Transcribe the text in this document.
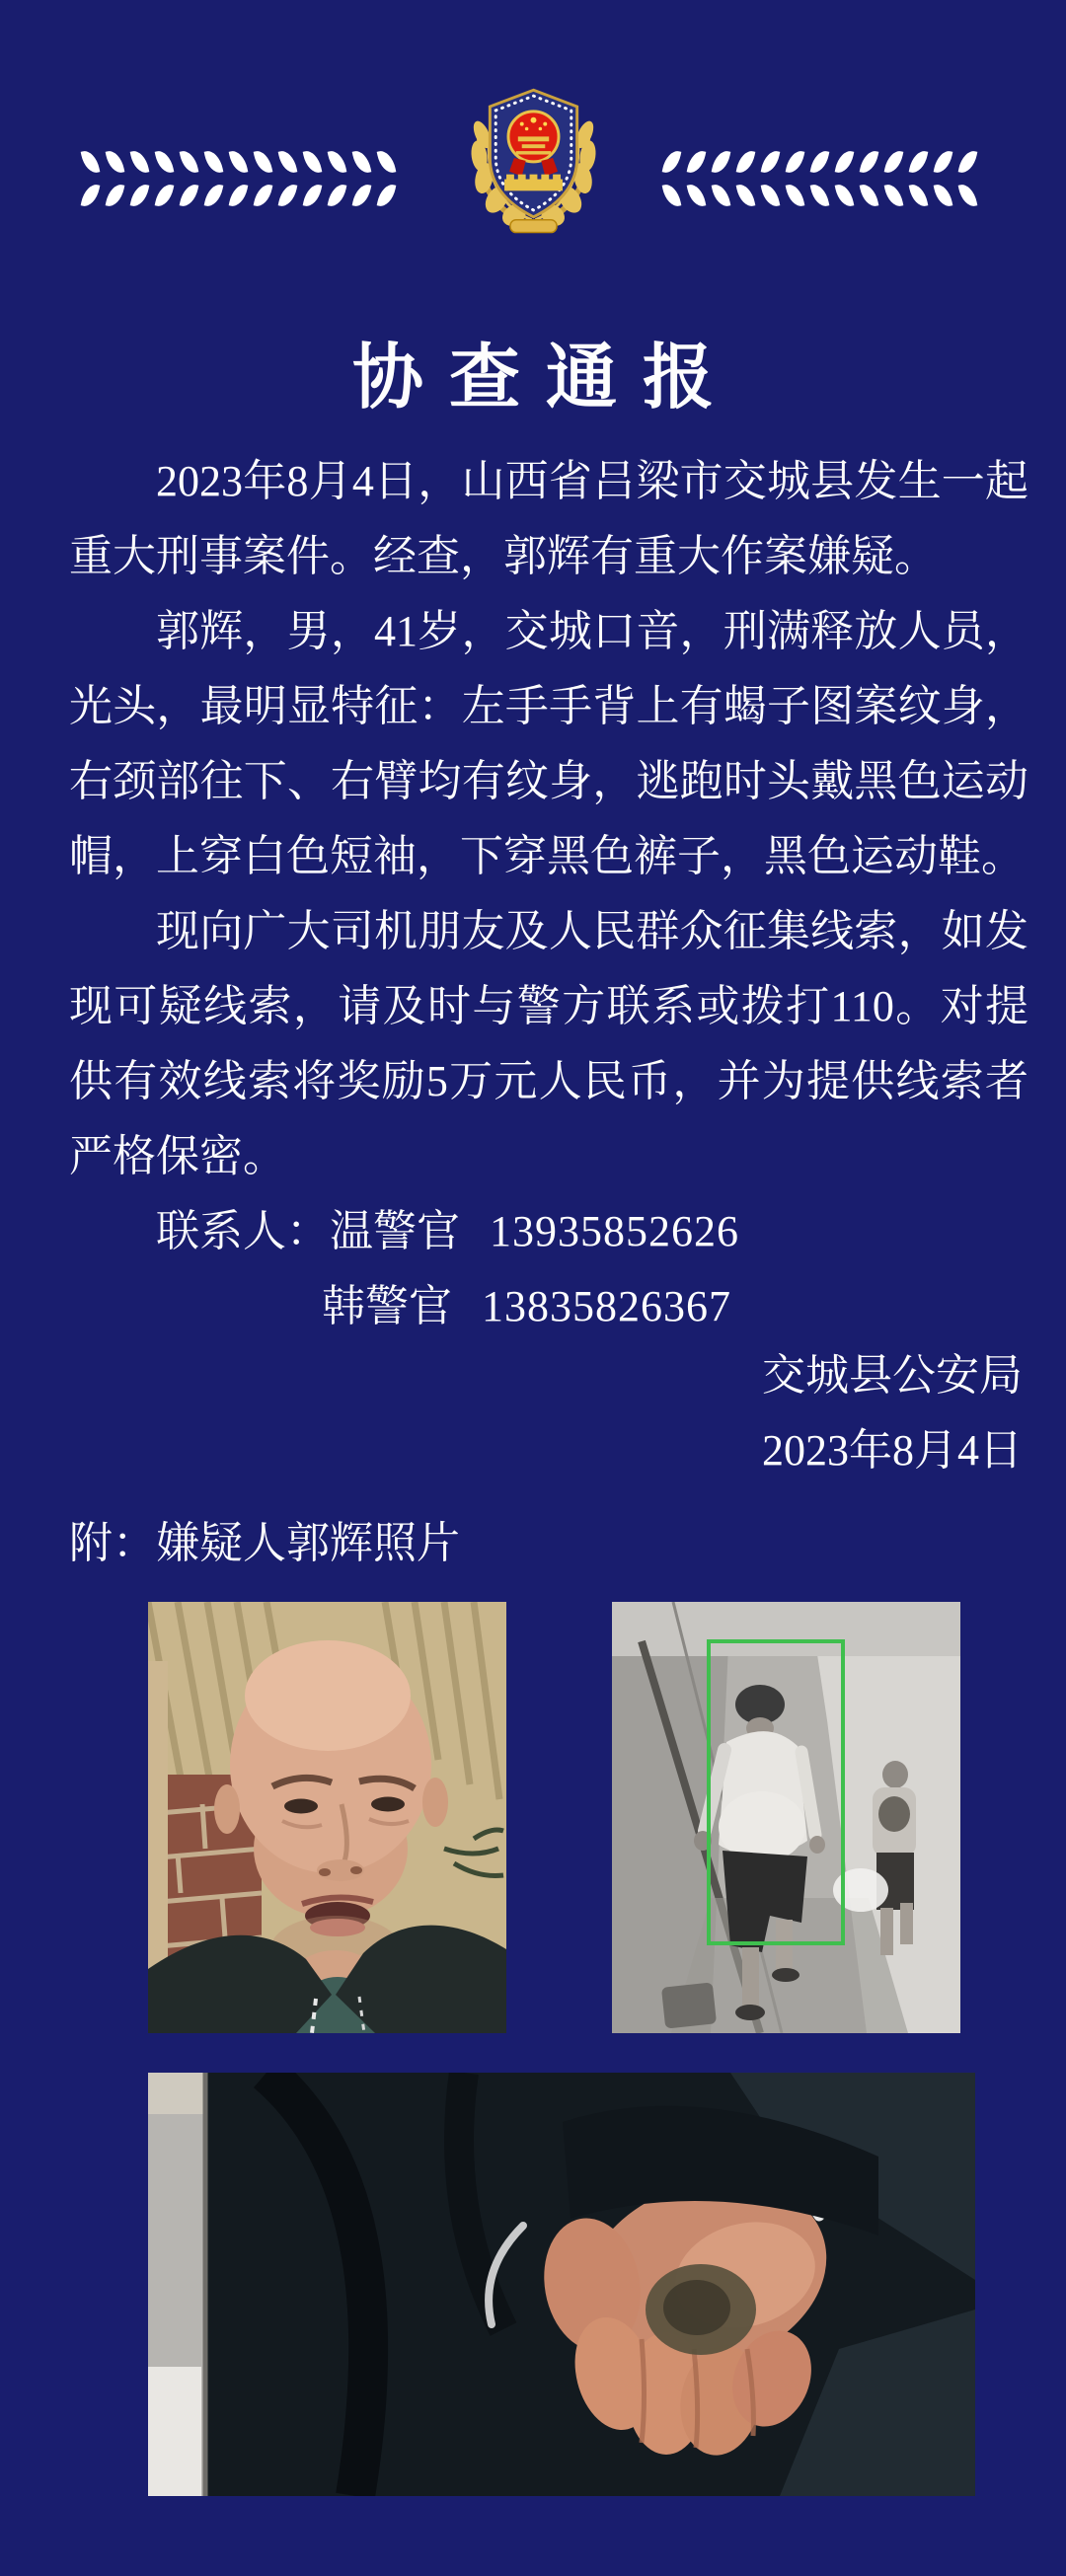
协查通报

2023年8月4日，山西省吕梁市交城县发生一起重大刑事案件。经查，郭辉有重大作案嫌疑。

郭辉，男，41岁，交城口音，刑满释放人员，光头，最明显特征：左手手背上有蝎子图案纹身，右颈部往下、右臂均有纹身，逃跑时头戴黑色运动帽，上穿白色短袖，下穿黑色裤子，黑色运动鞋。

现向广大司机朋友及人民群众征集线索，如发现可疑线索，请及时与警方联系或拨打110。对提供有效线索将奖励5万元人民币，并为提供线索者严格保密。

联系人：温警官 13935852626

韩警官 13835826367

交城县公安局

2023年8月4日

附：嫌疑人郭辉照片
